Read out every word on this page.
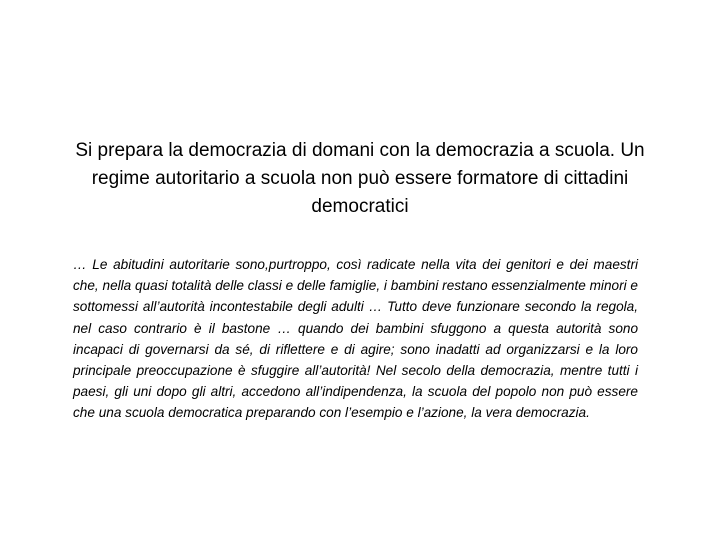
Si prepara la democrazia di domani con la democrazia a scuola. Un regime autoritario a scuola non può essere formatore di cittadini democratici

… Le abitudini autoritarie sono,purtroppo, così radicate nella vita dei genitori e dei maestri che, nella quasi totalità delle classi e delle famiglie, i bambini restano essenzialmente minori e sottomessi all’autorità incontestabile degli adulti … Tutto deve funzionare secondo la regola, nel caso contrario è il bastone … quando dei bambini sfuggono a questa autorità sono incapaci di governarsi da sé, di riflettere e di agire; sono inadatti ad organizzarsi e la loro principale preoccupazione è sfuggire all’autorità! Nel secolo della democrazia, mentre tutti i paesi, gli uni dopo gli altri, accedono all’indipendenza, la scuola del popolo non può essere che una scuola democratica preparando con l’esempio e l’azione, la vera democrazia.
